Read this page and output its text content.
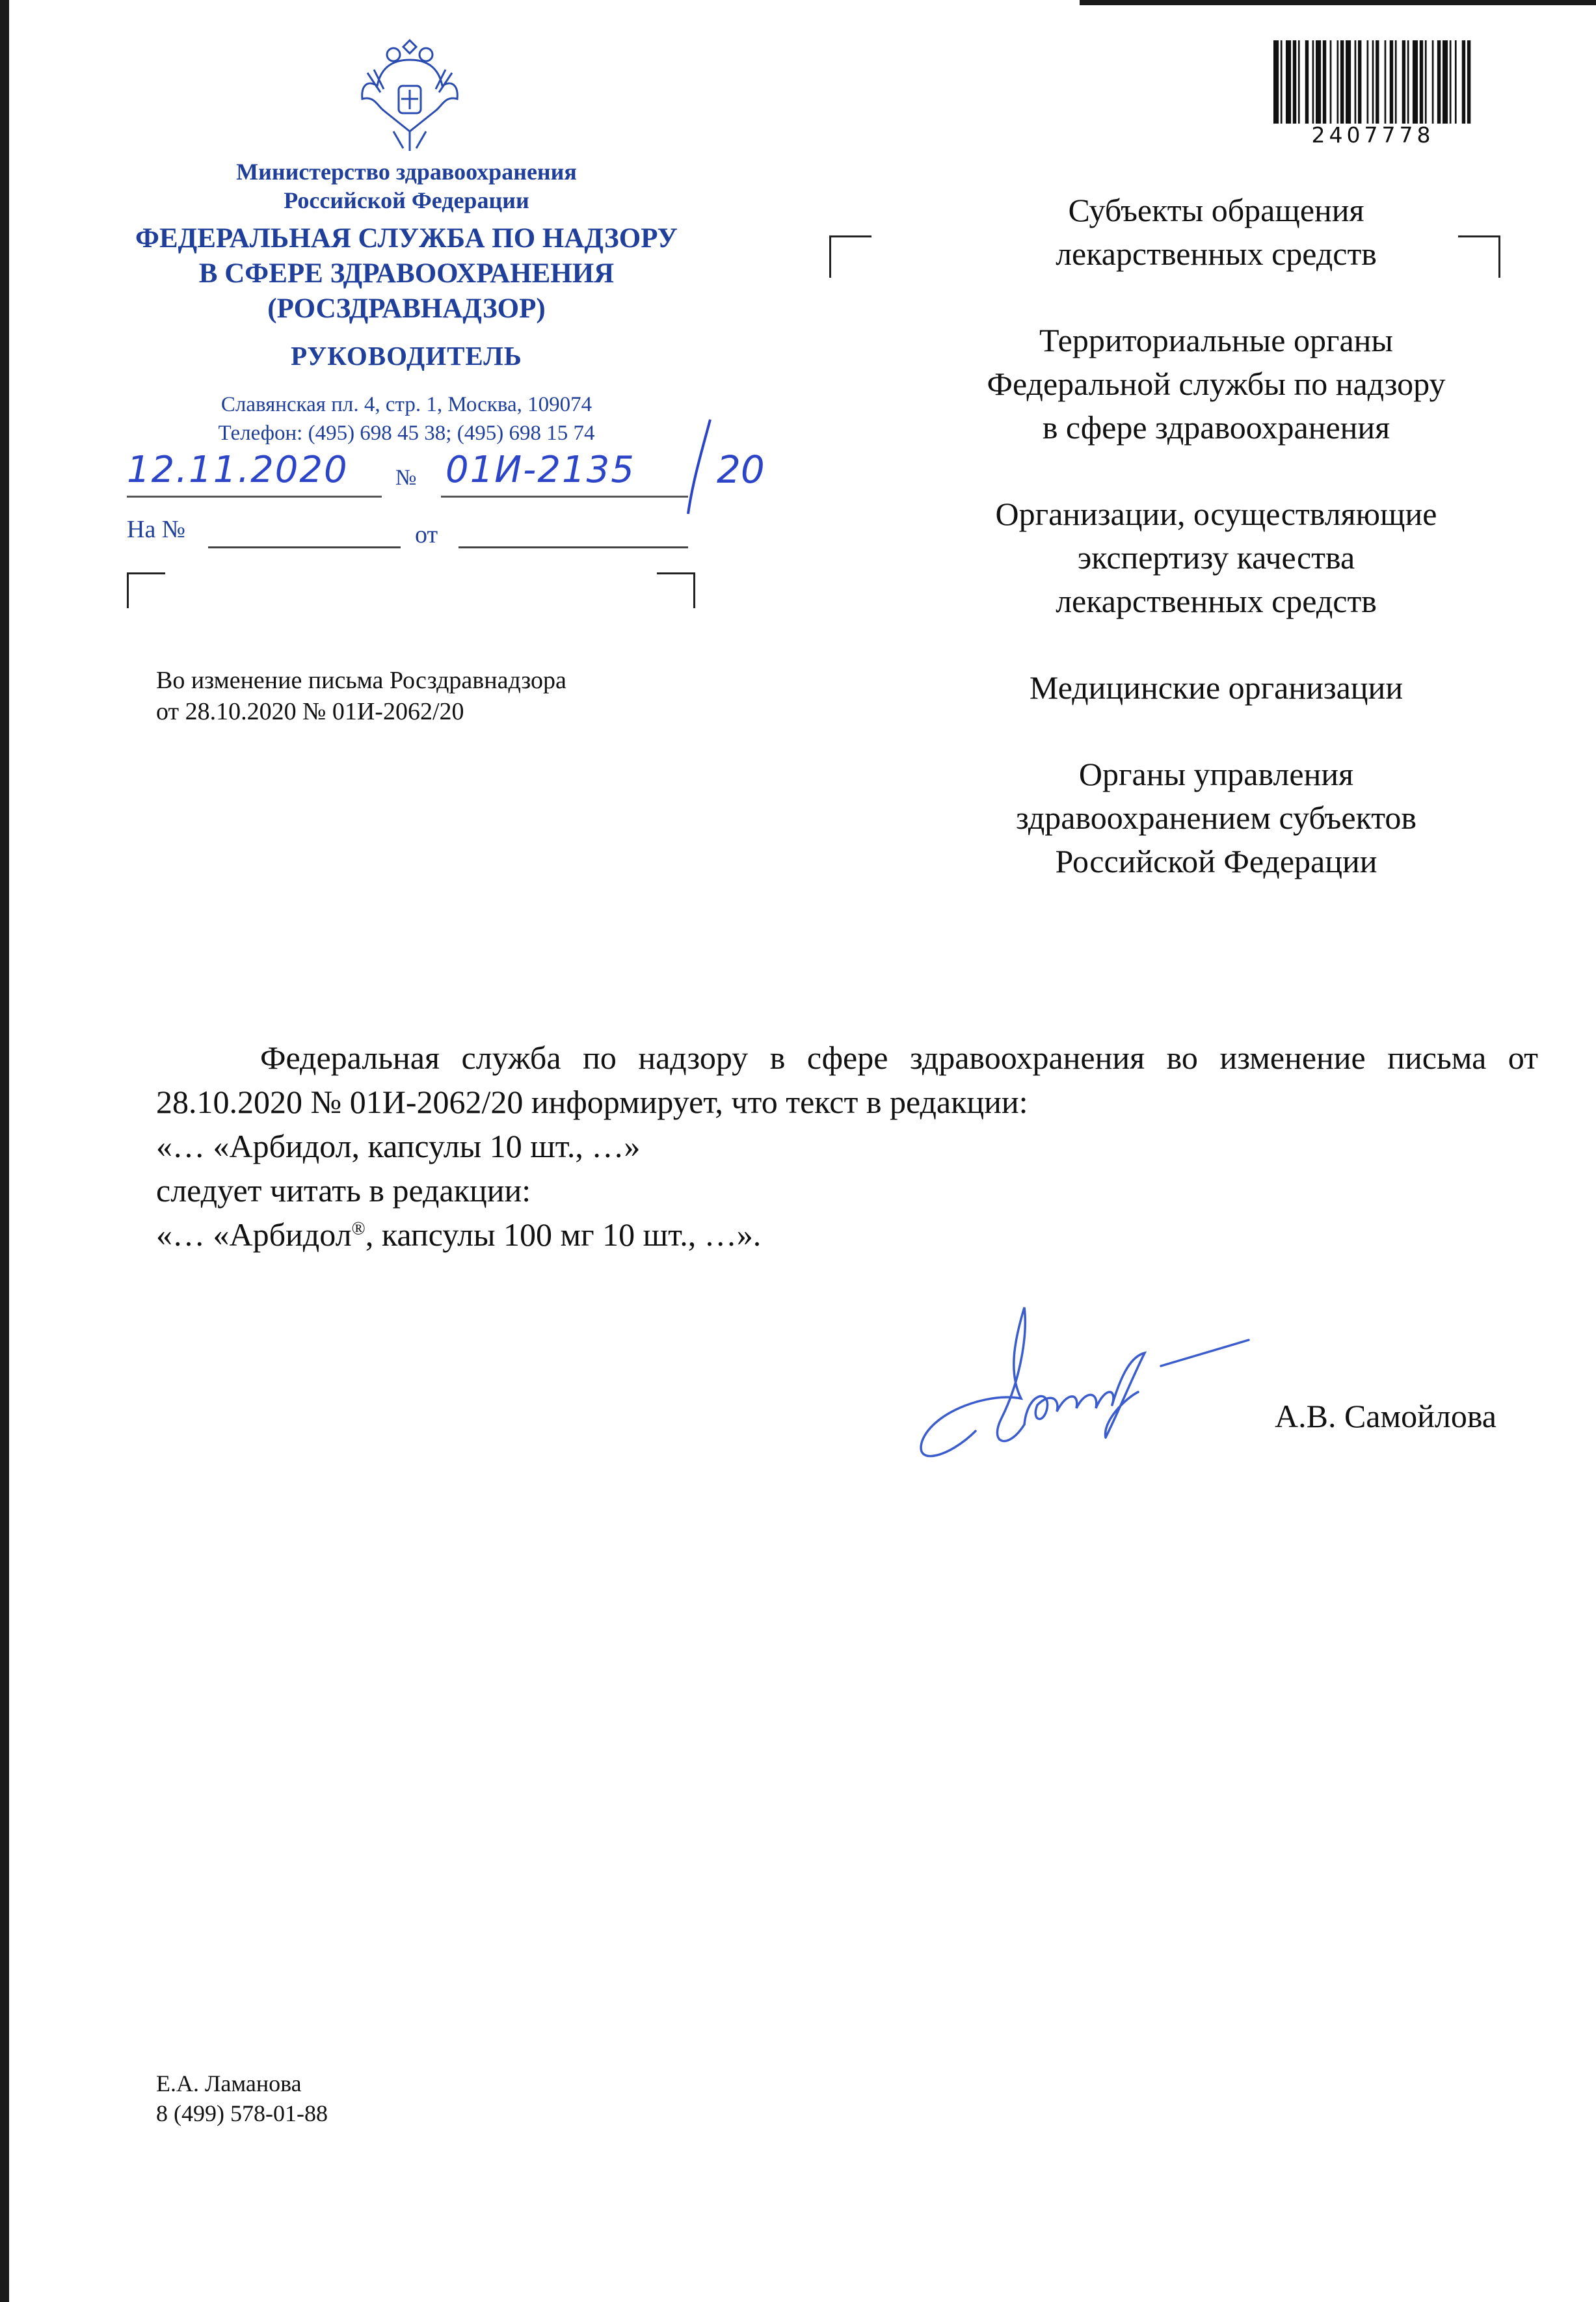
Министерство здравоохранения
Российской Федерации
ФЕДЕРАЛЬНАЯ СЛУЖБА ПО НАДЗОРУ
В СФЕРЕ ЗДРАВООХРАНЕНИЯ
(РОСЗДРАВНАДЗОР)
РУКОВОДИТЕЛЬ
Славянская пл. 4, стр. 1, Москва, 109074
Телефон: (495) 698 45 38; (495) 698 15 74
12.11.2020 № 01И-2135 20
На №	от
Во изменение письма Росздравнадзора
от 28.10.2020 № 01И-2062/20
2407778
Субъекты обращения
лекарственных средств
Территориальные органы
Федеральной службы по надзору
в сфере здравоохранения
Организации, осуществляющие
экспертизу качества
лекарственных средств
Медицинские организации
Органы управления
здравоохранением субъектов
Российской Федерации

Федеральная служба по надзору в сфере здравоохранения во изменение письма от 28.10.2020 № 01И-2062/20 информирует, что текст в редакции:

«… «Арбидол, капсулы 10 шт., …»

следует читать в редакции:

«… «Арбидол®, капсулы 100 мг 10 шт., …».

А.В. Самойлова
Е.А. Ламанова
8 (499) 578-01-88
